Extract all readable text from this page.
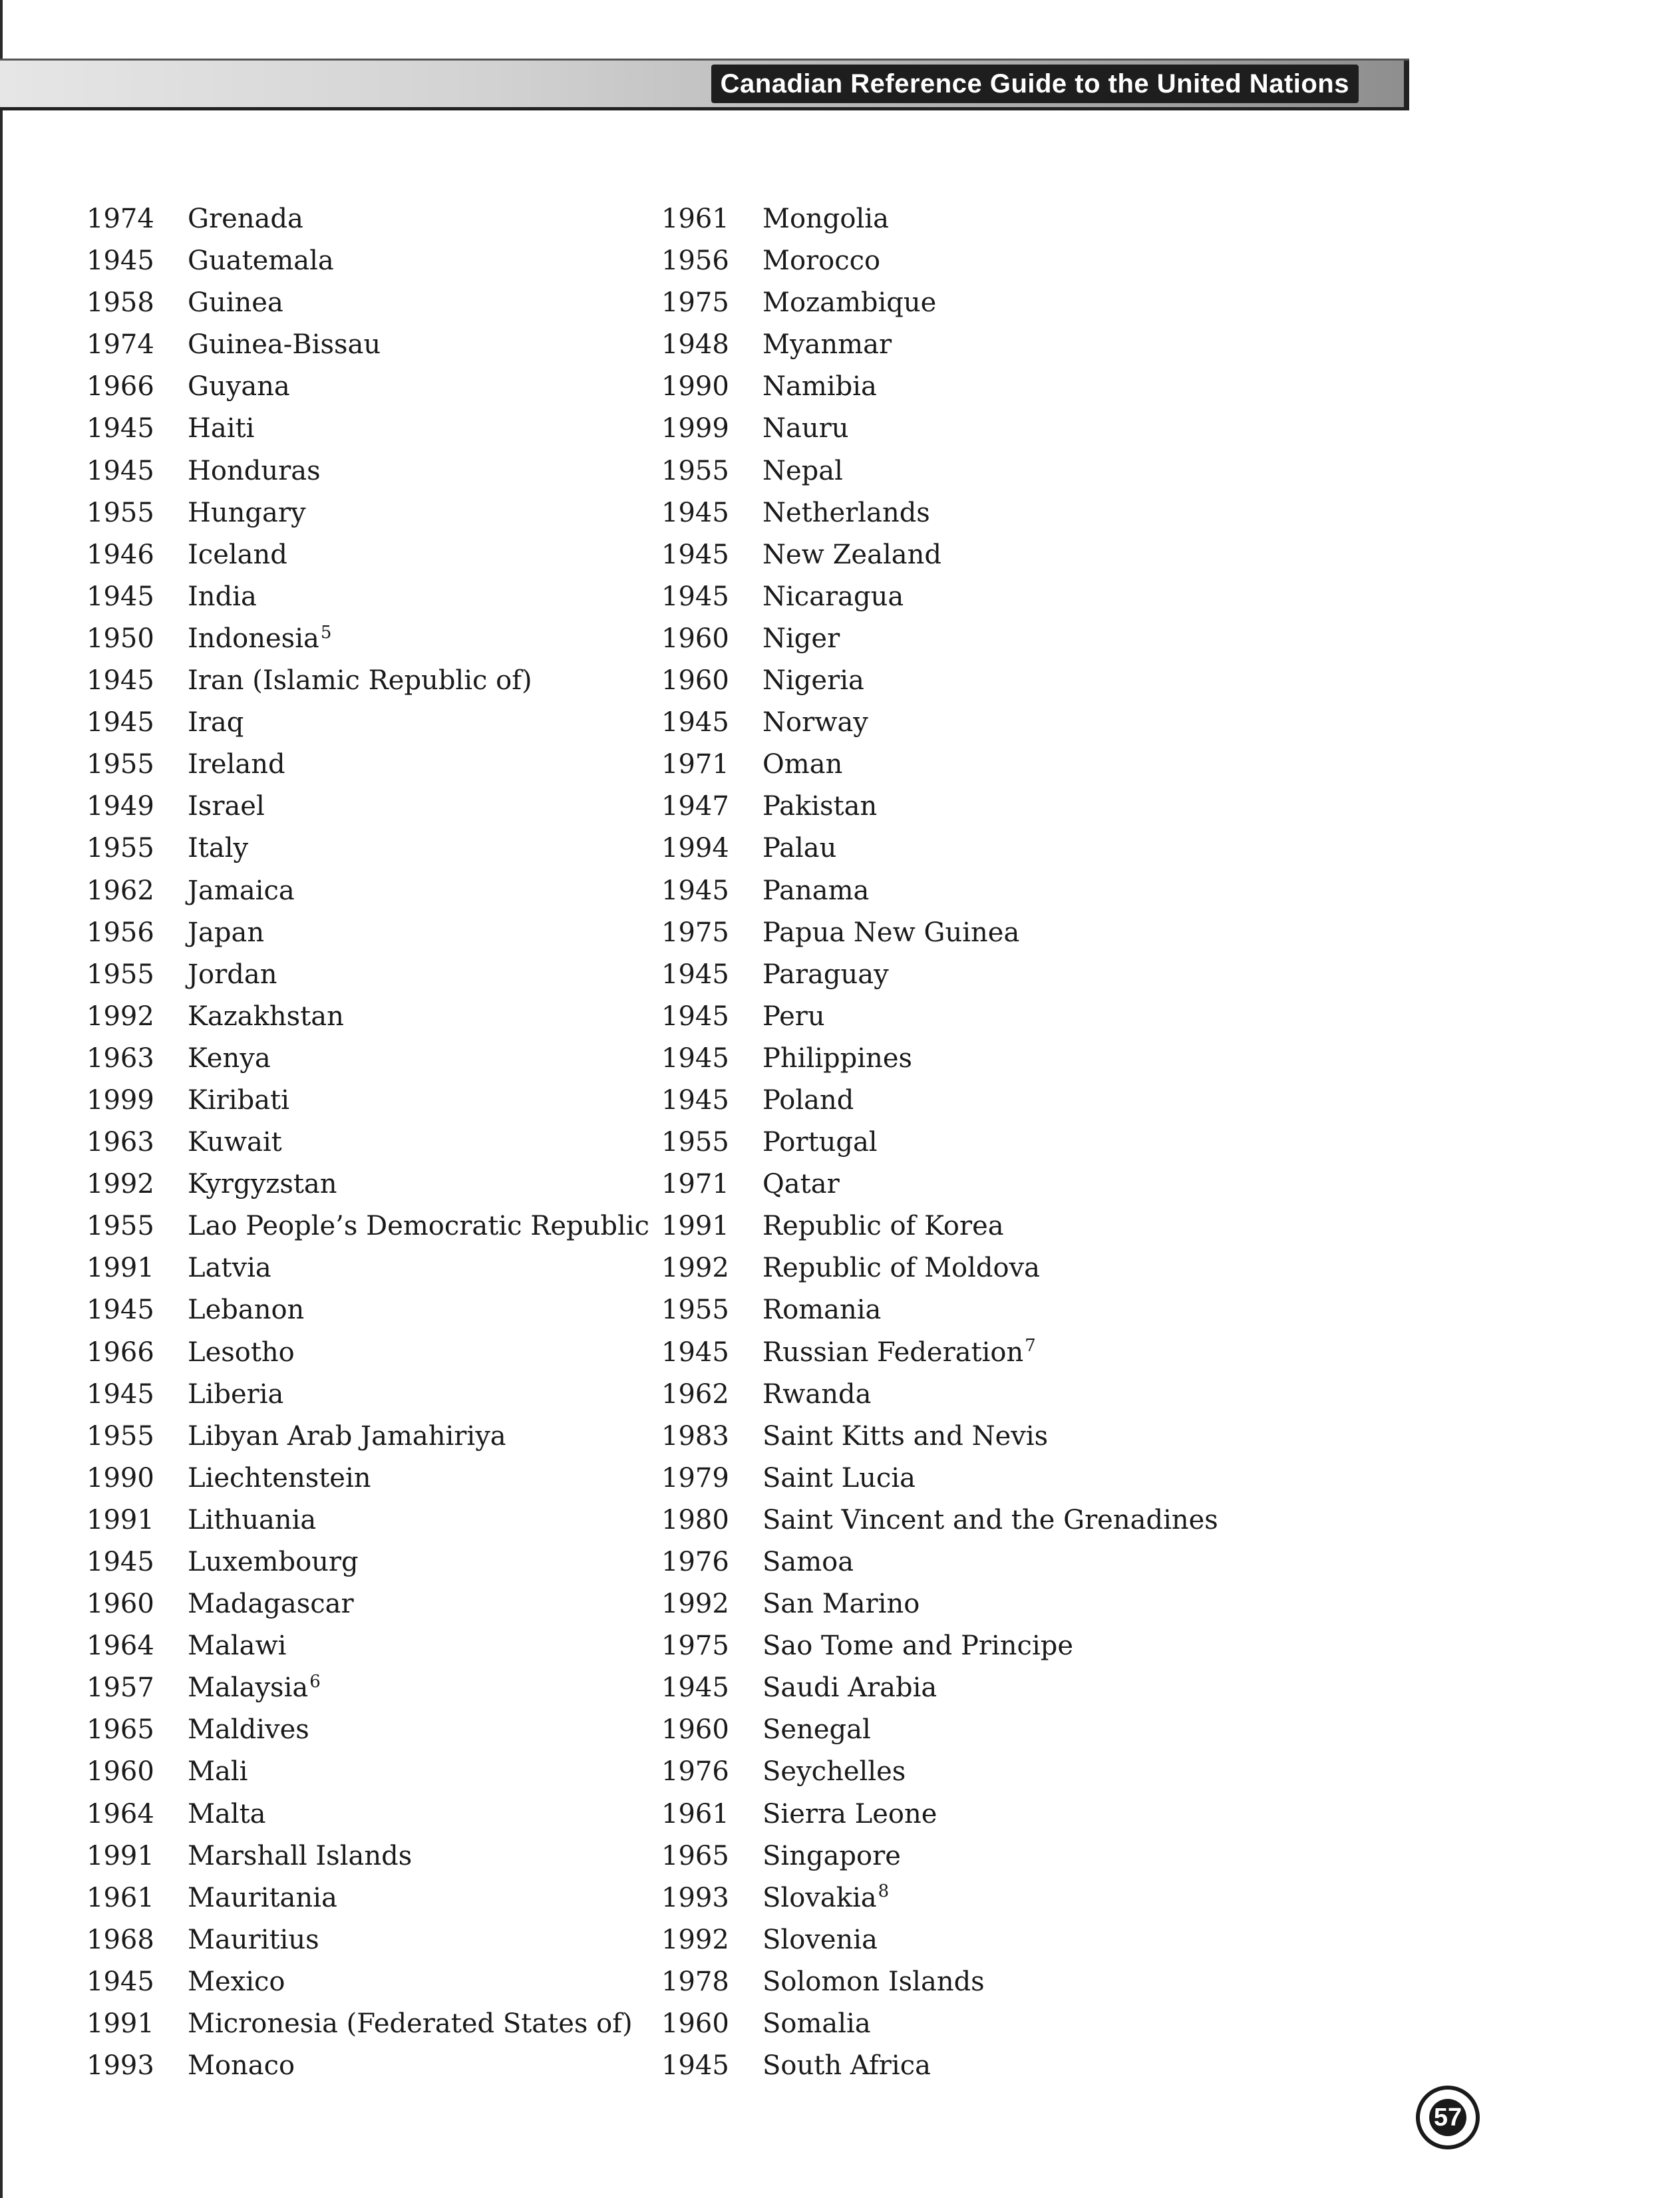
Canadian Reference Guide to the United Nations
1974 Grenada
1945 Guatemala
1958 Guinea
1974 Guinea-Bissau
1966 Guyana
1945 Haiti
1945 Honduras
1955 Hungary
1946 Iceland
1945 India
1950 Indonesia$^5$
1945 Iran (Islamic Republic of)
1945 Iraq
1955 Ireland
1949 Israel
1955 Italy
1962 Jamaica
1956 Japan
1955 Jordan
1992 Kazakhstan
1963 Kenya
1999 Kiribati
1963 Kuwait
1992 Kyrgyzstan
1955 Lao People’s Democratic Republic
1991 Latvia
1945 Lebanon
1966 Lesotho
1945 Liberia
1955 Libyan Arab Jamahiriya
1990 Liechtenstein
1991 Lithuania
1945 Luxembourg
1960 Madagascar
1964 Malawi
1957 Malaysia$^6$
1965 Maldives
1960 Mali
1964 Malta
1991 Marshall Islands
1961 Mauritania
1968 Mauritius
1945 Mexico
1991 Micronesia (Federated States of)
1993 Monaco
1961 Mongolia
1956 Morocco
1975 Mozambique
1948 Myanmar
1990 Namibia
1999 Nauru
1955 Nepal
1945 Netherlands
1945 New Zealand
1945 Nicaragua
1960 Niger
1960 Nigeria
1945 Norway
1971 Oman
1947 Pakistan
1994 Palau
1945 Panama
1975 Papua New Guinea
1945 Paraguay
1945 Peru
1945 Philippines
1945 Poland
1955 Portugal
1971 Qatar
1991 Republic of Korea
1992 Republic of Moldova
1955 Romania
1945 Russian Federation$^7$
1962 Rwanda
1983 Saint Kitts and Nevis
1979 Saint Lucia
1980 Saint Vincent and the Grenadines
1976 Samoa
1992 San Marino
1975 Sao Tome and Principe
1945 Saudi Arabia
1960 Senegal
1976 Seychelles
1961 Sierra Leone
1965 Singapore
1993 Slovakia$^8$
1992 Slovenia
1978 Solomon Islands
1960 Somalia
1945 South Africa
57
